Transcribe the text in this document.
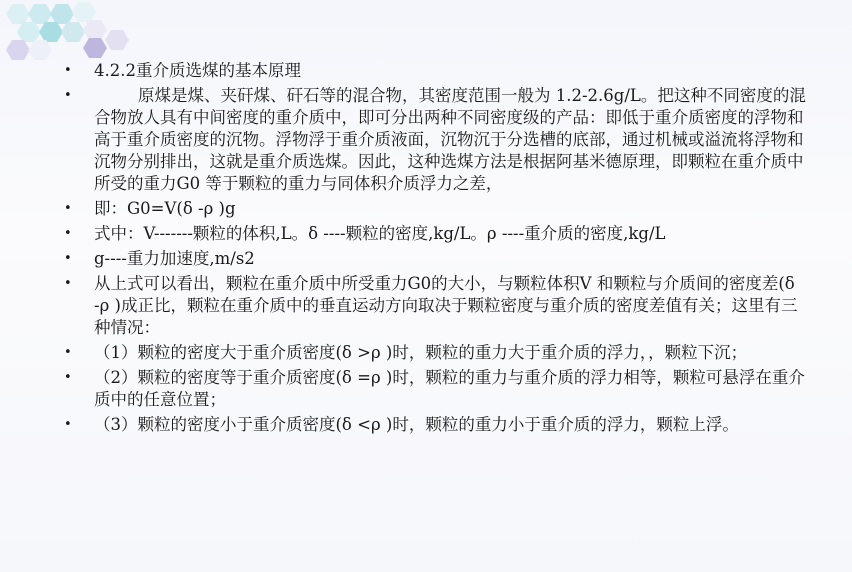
•	4.2.2重介质选煤的基本原理
•	原煤是煤、夹矸煤、矸石等的混合物，其密度范围一般为 1.2-2.6g/L。把这种不同密度的混合物放人具有中间密度的重介质中，即可分出两种不同密度级的产品：即低于重介质密度的浮物和高于重介质密度的沉物。浮物浮于重介质液面，沉物沉于分选槽的底部，通过机械或溢流将浮物和沉物分别排出，这就是重介质选煤。因此，这种选煤方法是根据阿基米德原理，即颗粒在重介质中所受的重力G0 等于颗粒的重力与同体积介质浮力之差，
•	即：G0=V(δ -ρ )g
•	式中：V-------颗粒的体积,L。δ ----颗粒的密度,kg/L。ρ ----重介质的密度,kg/L
•	g----重力加速度,m/s2
•	从上式可以看出，颗粒在重介质中所受重力G0的大小，与颗粒体积V 和颗粒与介质间的密度差(δ -ρ )成正比，颗粒在重介质中的垂直运动方向取决于颗粒密度与重介质的密度差值有关；这里有三种情况：
•	（1）颗粒的密度大于重介质密度(δ >ρ )时，颗粒的重力大于重介质的浮力，，颗粒下沉；
•	（2）颗粒的密度等于重介质密度(δ =ρ )时，颗粒的重力与重介质的浮力相等，颗粒可悬浮在重介质中的任意位置；
•	（3）颗粒的密度小于重介质密度(δ <ρ )时，颗粒的重力小于重介质的浮力，颗粒上浮。
